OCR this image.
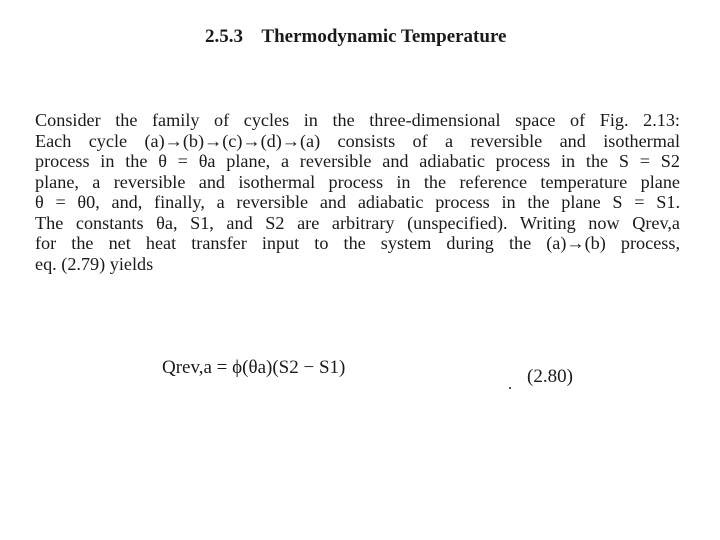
2.5.3 Thermodynamic Temperature
Consider the family of cycles in the three-dimensional space of Fig. 2.13:
Each cycle (a)→(b)→(c)→(d)→(a) consists of a reversible and isothermal
process in the θ = θa plane, a reversible and adiabatic process in the S = S2
plane, a reversible and isothermal process in the reference temperature plane
θ = θ0, and, finally, a reversible and adiabatic process in the plane S = S1.
The constants θa, S1, and S2 are arbitrary (unspecified). Writing now Qrev,a
for the net heat transfer input to the system during the (a)→(b) process,
eq. (2.79) yields
Qrev,a = ϕ(θa)(S2 − S1)	(2.80)
